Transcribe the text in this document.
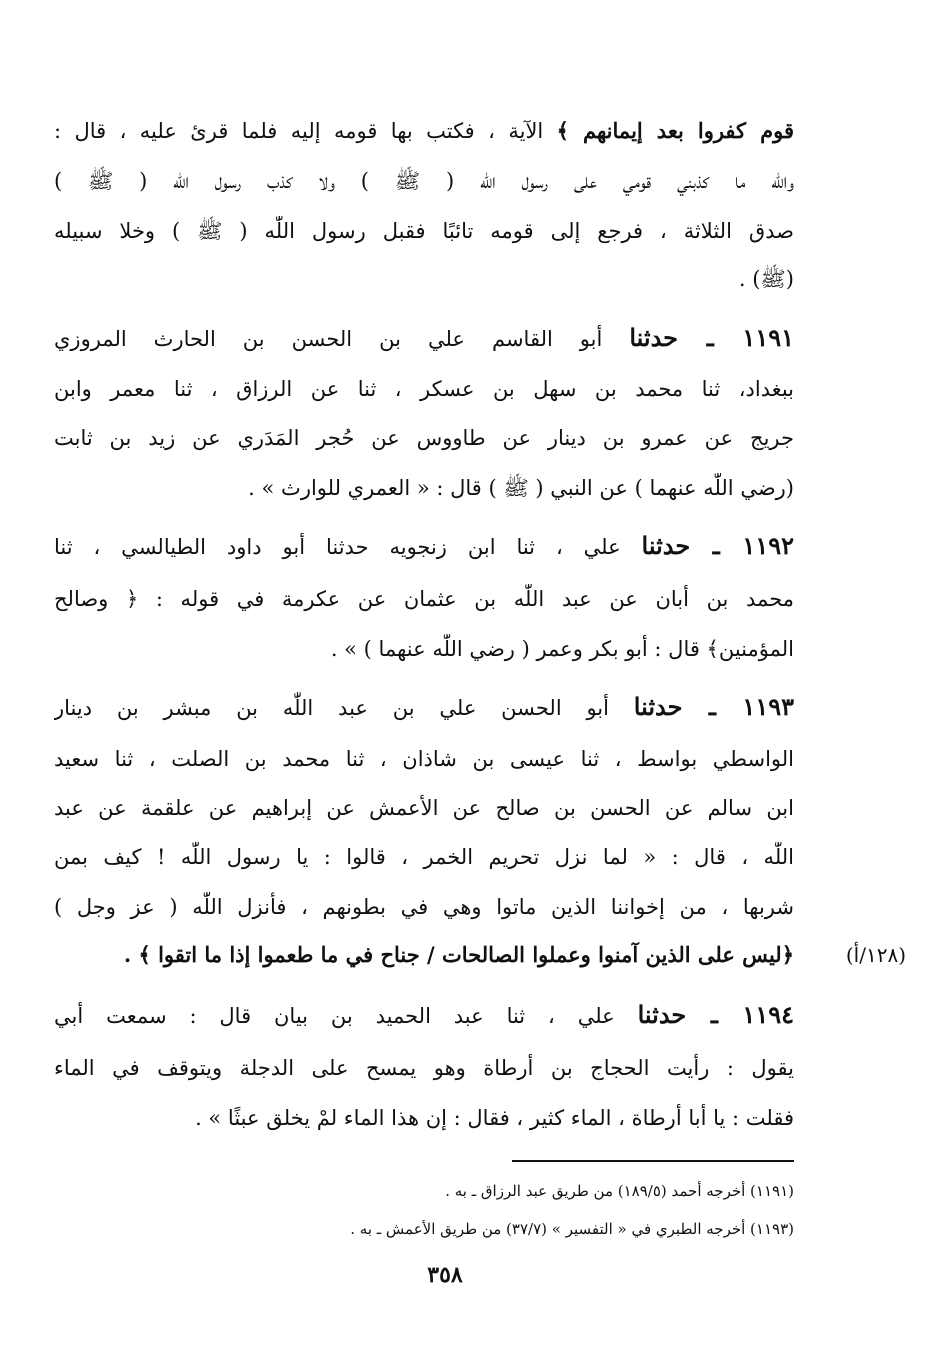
قوم كفروا بعد إيمانهم ﴾ الآية ، فكتب بها قومه إليه فلما قرئ عليه ، قال :
واللّٰه ما كذبني قومي على رسول اللّٰه ( ﷺ ) ولا كذب رسول اللّٰه ( ﷺ )
صدق الثلاثة ، فرجع إلى قومه تائبًا فقبل رسول اللّٰه ( ﷺ ) وخلا سبيله
(ﷺ) .
١١٩١ ـ حدثنا أبو القاسم علي بن الحسن بن الحارث المروزي
ببغداد، ثنا محمد بن سهل بن عسكر ، ثنا عن الرزاق ، ثنا معمر وابن
جريج عن عمرو بن دينار عن طاووس عن حُجر المَدَري عن زيد بن ثابت
(رضي اللّٰه عنهما ) عن النبي ( ﷺ ) قال : « العمري للوارث » .
١١٩٢ ـ حدثنا علي ، ثنا ابن زنجويه حدثنا أبو داود الطيالسي ، ثنا
محمد بن أبان عن عبد اللّٰه بن عثمان عن عكرمة في قوله : ﴿ وصالح
المؤمنين﴾ قال : أبو بكر وعمر ( رضي اللّٰه عنهما ) » .
١١٩٣ ـ حدثنا أبو الحسن علي بن عبد اللّٰه بن مبشر بن دينار
الواسطي بواسط ، ثنا عيسى بن شاذان ، ثنا محمد بن الصلت ، ثنا سعيد
ابن سالم عن الحسن بن صالح عن الأعمش عن إبراهيم عن علقمة عن عبد
اللّٰه ، قال : « لما نزل تحريم الخمر ، قالوا : يا رسول اللّٰه ! كيف بمن
شربها ، من إخواننا الذين ماتوا وهي في بطونهم ، فأنزل اللّٰه ( عز وجل )
﴿ليس على الذين آمنوا وعملوا الصالحات / جناح في ما طعموا إذا ما اتقوا ﴾ .	(١٢٨/أ)
١١٩٤ ـ حدثنا علي ، ثنا عبد الحميد بن بيان قال : سمعت أبي
يقول : رأيت الحجاج بن أرطاة وهو يمسح على الدجلة ويتوقف في الماء
فقلت : يا أبا أرطاة ، الماء كثير ، فقال : إن هذا الماء لمْ يخلق عبثًا » .
(١١٩١) أخرجه أحمد (١٨٩/٥) من طريق عبد الرزاق ـ به .
(١١٩٣) أخرجه الطبري في « التفسير » (٣٧/٧) من طريق الأعمش ـ به .
٣٥٨
